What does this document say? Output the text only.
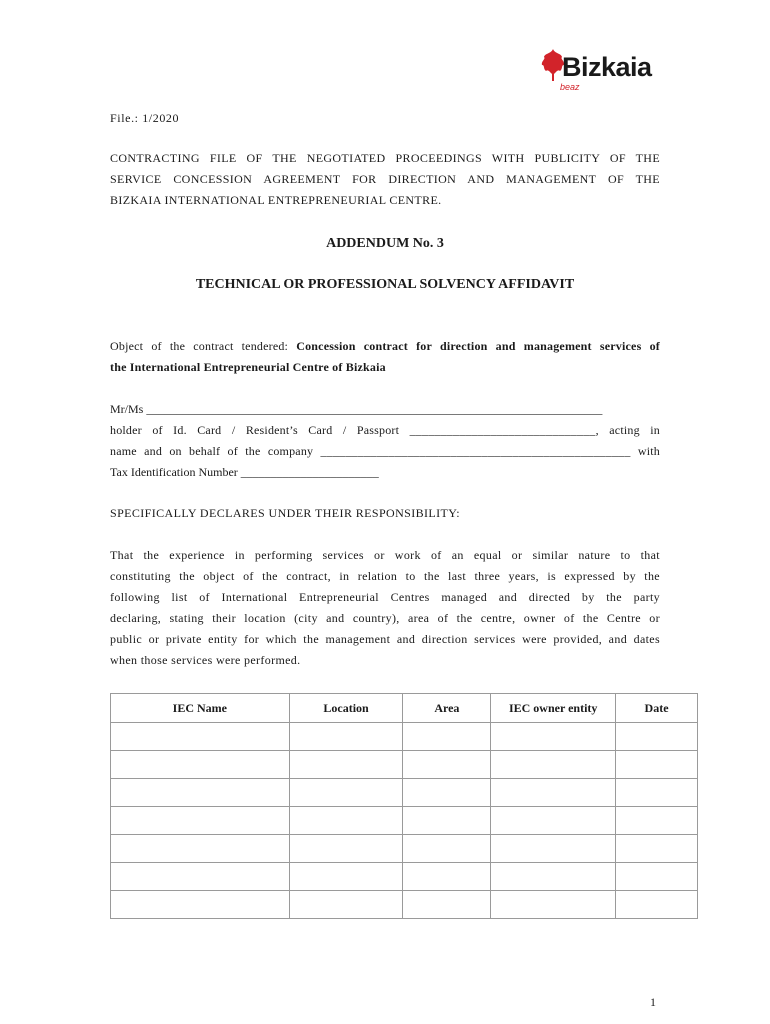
Bizkaia
beaz
File.: 1/2020
CONTRACTING FILE OF THE NEGOTIATED PROCEEDINGS WITH PUBLICITY OF THE
SERVICE CONCESSION AGREEMENT FOR DIRECTION AND MANAGEMENT OF THE
BIZKAIA INTERNATIONAL ENTREPRENEURIAL CENTRE.
ADDENDUM No. 3
TECHNICAL OR PROFESSIONAL SOLVENCY AFFIDAVIT
Object of the contract tendered: Concession contract for direction and management services of
the International Entrepreneurial Centre of Bizkaia
Mr/Ms ____________________________________________________________________________
holder of Id. Card / Resident’s Card / Passport ______________________________, acting in
name and on behalf of the company __________________________________________________ with
Tax Identification Number _______________________
SPECIFICALLY DECLARES UNDER THEIR RESPONSIBILITY:
That the experience in performing services or work of an equal or similar nature to that
constituting the object of the contract, in relation to the last three years, is expressed by the
following list of International Entrepreneurial Centres managed and directed by the party
declaring, stating their location (city and country), area of the centre, owner of the Centre or
public or private entity for which the management and direction services were provided, and dates
when those services were performed.
IEC Name	Location	Area	IEC owner entity	Date

1
